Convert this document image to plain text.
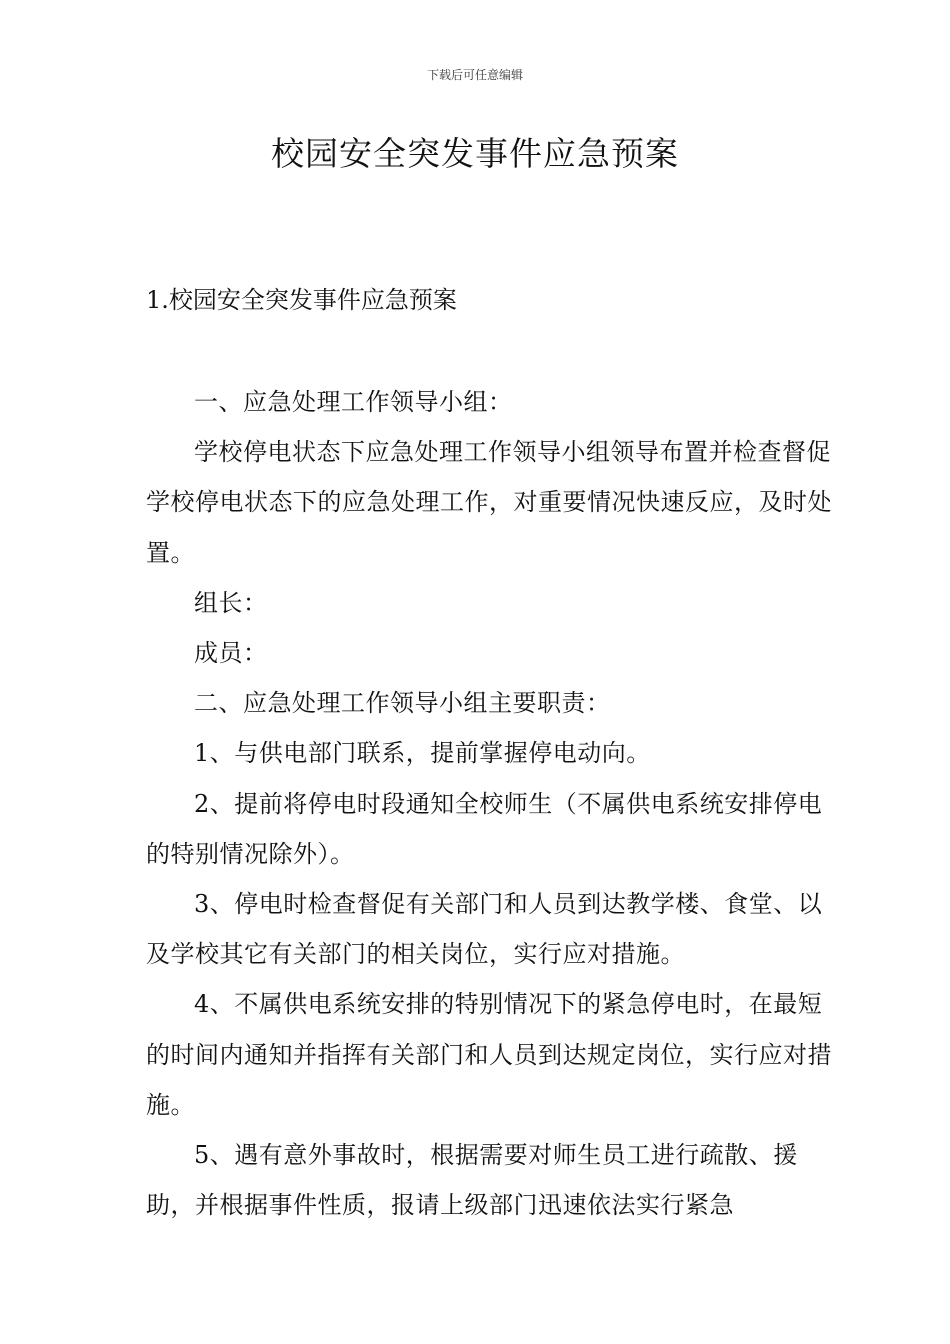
下载后可任意编辑
校园安全突发事件应急预案
1.校园安全突发事件应急预案

一、应急处理工作领导小组：

学校停电状态下应急处理工作领导小组领导布置并检查督促学校停电状态下的应急处理工作，对重要情况快速反应，及时处置。

组长：

成员：

二、应急处理工作领导小组主要职责：

1、与供电部门联系，提前掌握停电动向。

2、提前将停电时段通知全校师生（不属供电系统安排停电的特别情况除外）。

3、停电时检查督促有关部门和人员到达教学楼、食堂、以及学校其它有关部门的相关岗位，实行应对措施。

4、不属供电系统安排的特别情况下的紧急停电时，在最短的时间内通知并指挥有关部门和人员到达规定岗位，实行应对措施。

5、遇有意外事故时，根据需要对师生员工进行疏散、援助，并根据事件性质，报请上级部门迅速依法实行紧急
